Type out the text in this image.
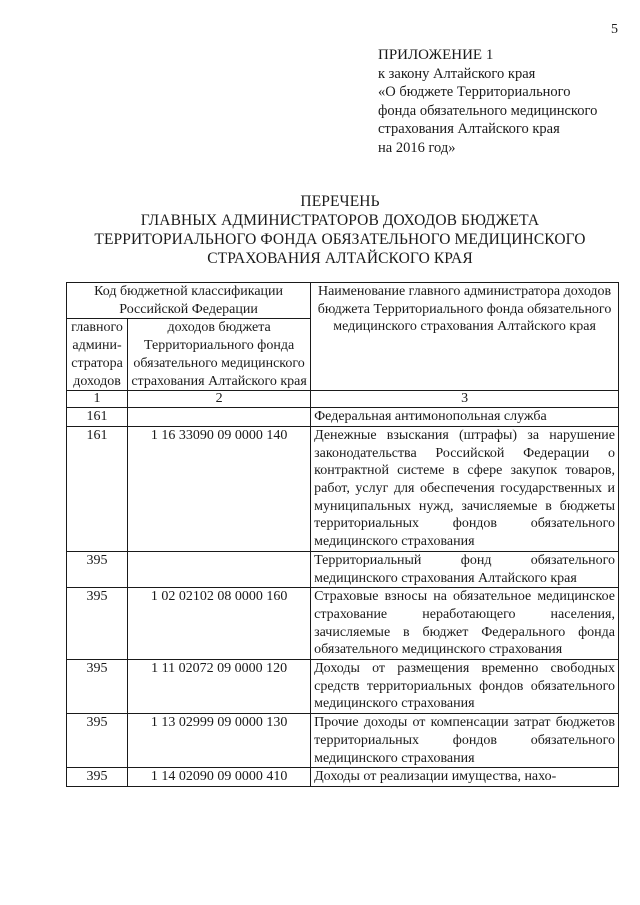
5
ПРИЛОЖЕНИЕ 1
к закону Алтайского края
«О бюджете Территориального
фонда обязательного медицинского
страхования Алтайского края
на 2016 год»
ПЕРЕЧЕНЬ
ГЛАВНЫХ АДМИНИСТРАТОРОВ ДОХОДОВ БЮДЖЕТА
ТЕРРИТОРИАЛЬНОГО ФОНДА ОБЯЗАТЕЛЬНОГО МЕДИЦИНСКОГО
СТРАХОВАНИЯ АЛТАЙСКОГО КРАЯ
Код бюджетной классификации Российской Федерации		Наименование главного администратора доходов бюджета Территориального фонда обязательного медицинского страхования Алтайского края
главного админи-стратора доходов	доходов бюджета Территориального фонда обязательного медицинского страхования Алтайского края	
1	2	3
161		Федеральная антимонопольная служба
161	1 16 33090 09 0000 140	Денежные взыскания (штрафы) за нарушение законодательства Российской Федерации о контрактной системе в сфере закупок товаров, работ, услуг для обеспечения государственных и муниципальных нужд, зачисляемые в бюджеты территориальных фондов обязательного медицинского страхования
395		Территориальный фонд обязательного медицинского страхования Алтайского края
395	1 02 02102 08 0000 160	Страховые взносы на обязательное медицинское страхование неработающего населения, зачисляемые в бюджет Федерального фонда обязательного медицинского страхования
395	1 11 02072 09 0000 120	Доходы от размещения временно свободных средств территориальных фондов обязательного медицинского страхования
395	1 13 02999 09 0000 130	Прочие доходы от компенсации затрат бюджетов территориальных фондов обязательного медицинского страхования
395	1 14 02090 09 0000 410	Доходы от реализации имущества, нахо-
